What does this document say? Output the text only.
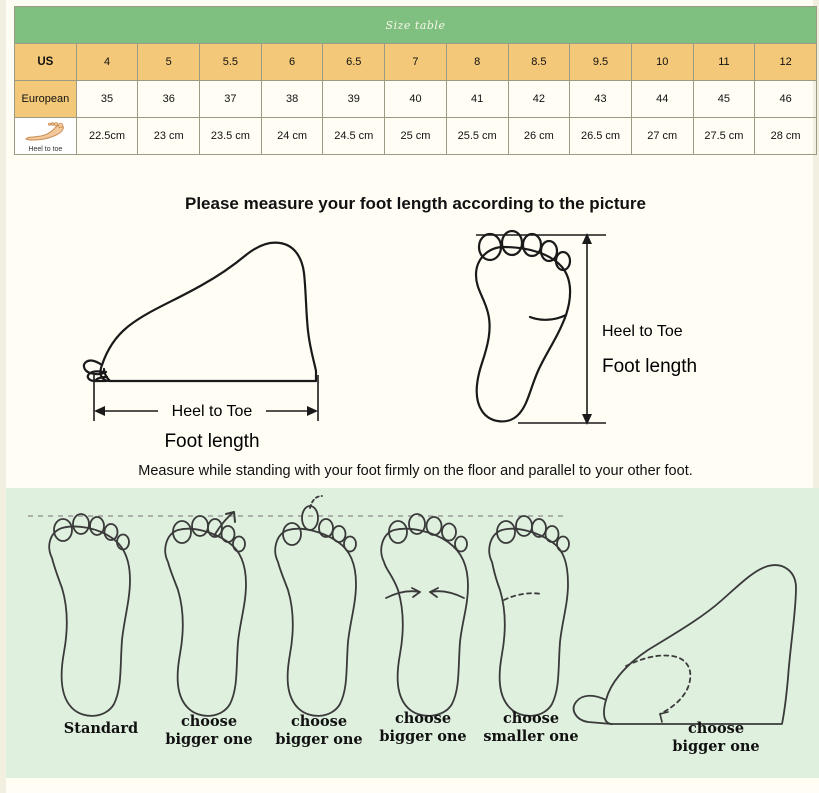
Size table												
US	4	5	5.5	6	6.5	7	8	8.5	9.5	10	11	12
European	35	36	37	38	39	40	41	42	43	44	45	46

Heel to toe	22.5cm	23 cm	23.5 cm	24 cm	24.5 cm	25 cm	25.5 cm	26 cm	26.5 cm	27 cm	27.5 cm	28 cm
Please measure your foot length according to the picture
Heel to Toe
Foot length
Heel to Toe
Foot length
Measure while standing with your foot firmly on the floor and parallel to your other foot.
Standard	choose
bigger one
choose
bigger one
choose
bigger one
choose
smaller one	choose
bigger one
